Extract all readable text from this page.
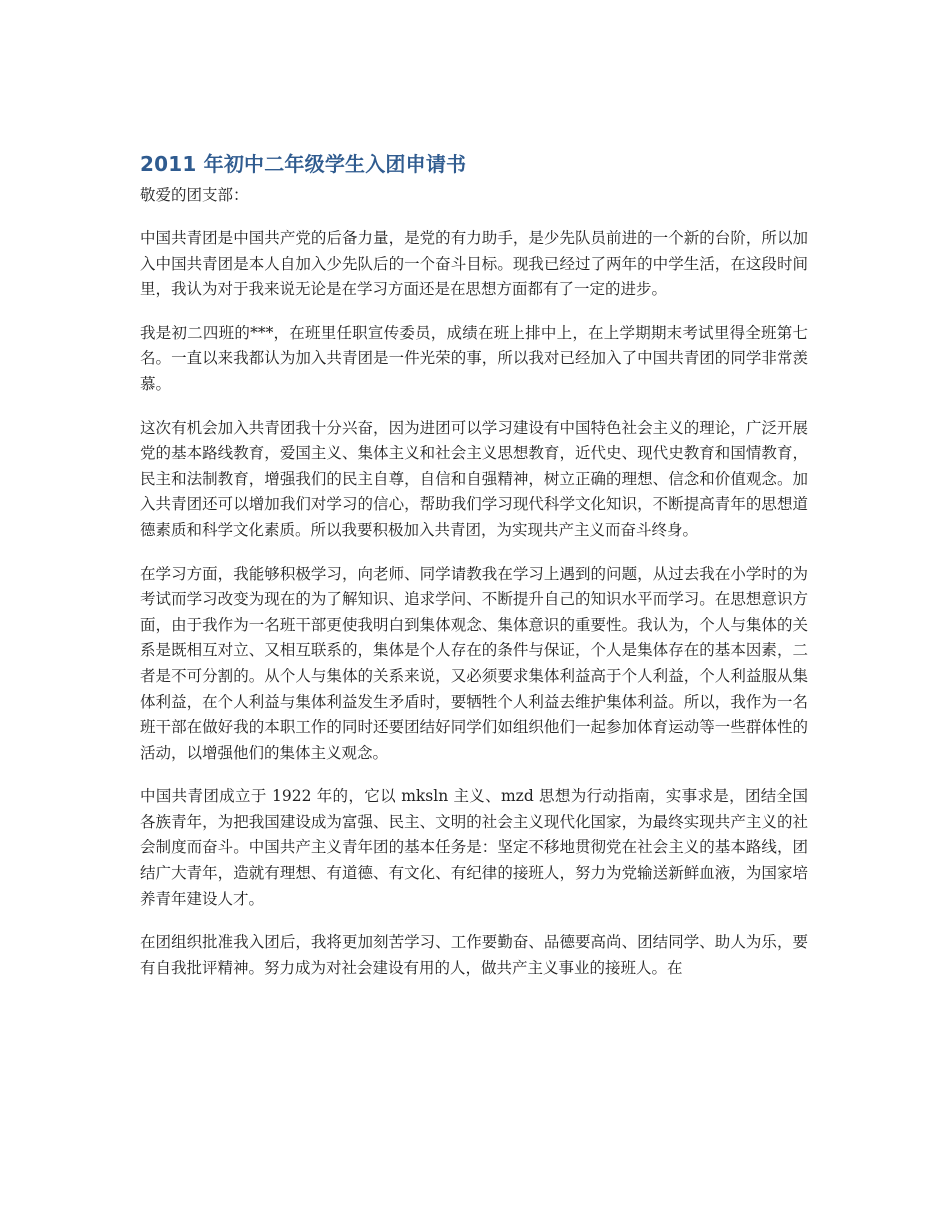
2011 年初中二年级学生入团申请书

敬爱的团支部：

中国共青团是中国共产党的后备力量，是党的有力助手，是少先队员前进的一个新的台阶，所以加入中国共青团是本人自加入少先队后的一个奋斗目标。现我已经过了两年的中学生活，在这段时间里，我认为对于我来说无论是在学习方面还是在思想方面都有了一定的进步。

我是初二四班的***，在班里任职宣传委员，成绩在班上排中上，在上学期期末考试里得全班第七名。一直以来我都认为加入共青团是一件光荣的事，所以我对已经加入了中国共青团的同学非常羡慕。

这次有机会加入共青团我十分兴奋，因为进团可以学习建设有中国特色社会主义的理论，广泛开展党的基本路线教育，爱国主义、集体主义和社会主义思想教育，近代史、现代史教育和国情教育，民主和法制教育，增强我们的民主自尊，自信和自强精神，树立正确的理想、信念和价值观念。加入共青团还可以增加我们对学习的信心，帮助我们学习现代科学文化知识，不断提高青年的思想道德素质和科学文化素质。所以我要积极加入共青团，为实现共产主义而奋斗终身。

在学习方面，我能够积极学习，向老师、同学请教我在学习上遇到的问题，从过去我在小学时的为考试而学习改变为现在的为了解知识、追求学问、不断提升自己的知识水平而学习。在思想意识方面，由于我作为一名班干部更使我明白到集体观念、集体意识的重要性。我认为，个人与集体的关系是既相互对立、又相互联系的，集体是个人存在的条件与保证，个人是集体存在的基本因素，二者是不可分割的。从个人与集体的关系来说，又必须要求集体利益高于个人利益，个人利益服从集体利益，在个人利益与集体利益发生矛盾时，要牺牲个人利益去维护集体利益。所以，我作为一名班干部在做好我的本职工作的同时还要团结好同学们如组织他们一起参加体育运动等一些群体性的活动，以增强他们的集体主义观念。

中国共青团成立于 1922 年的，它以 mksln 主义、mzd 思想为行动指南，实事求是，团结全国各族青年，为把我国建设成为富强、民主、文明的社会主义现代化国家，为最终实现共产主义的社会制度而奋斗。中国共产主义青年团的基本任务是：坚定不移地贯彻党在社会主义的基本路线，团结广大青年，造就有理想、有道德、有文化、有纪律的接班人，努力为党输送新鲜血液，为国家培养青年建设人才。

在团组织批准我入团后，我将更加刻苦学习、工作要勤奋、品德要高尚、团结同学、助人为乐，要有自我批评精神。努力成为对社会建设有用的人，做共产主义事业的接班人。在
